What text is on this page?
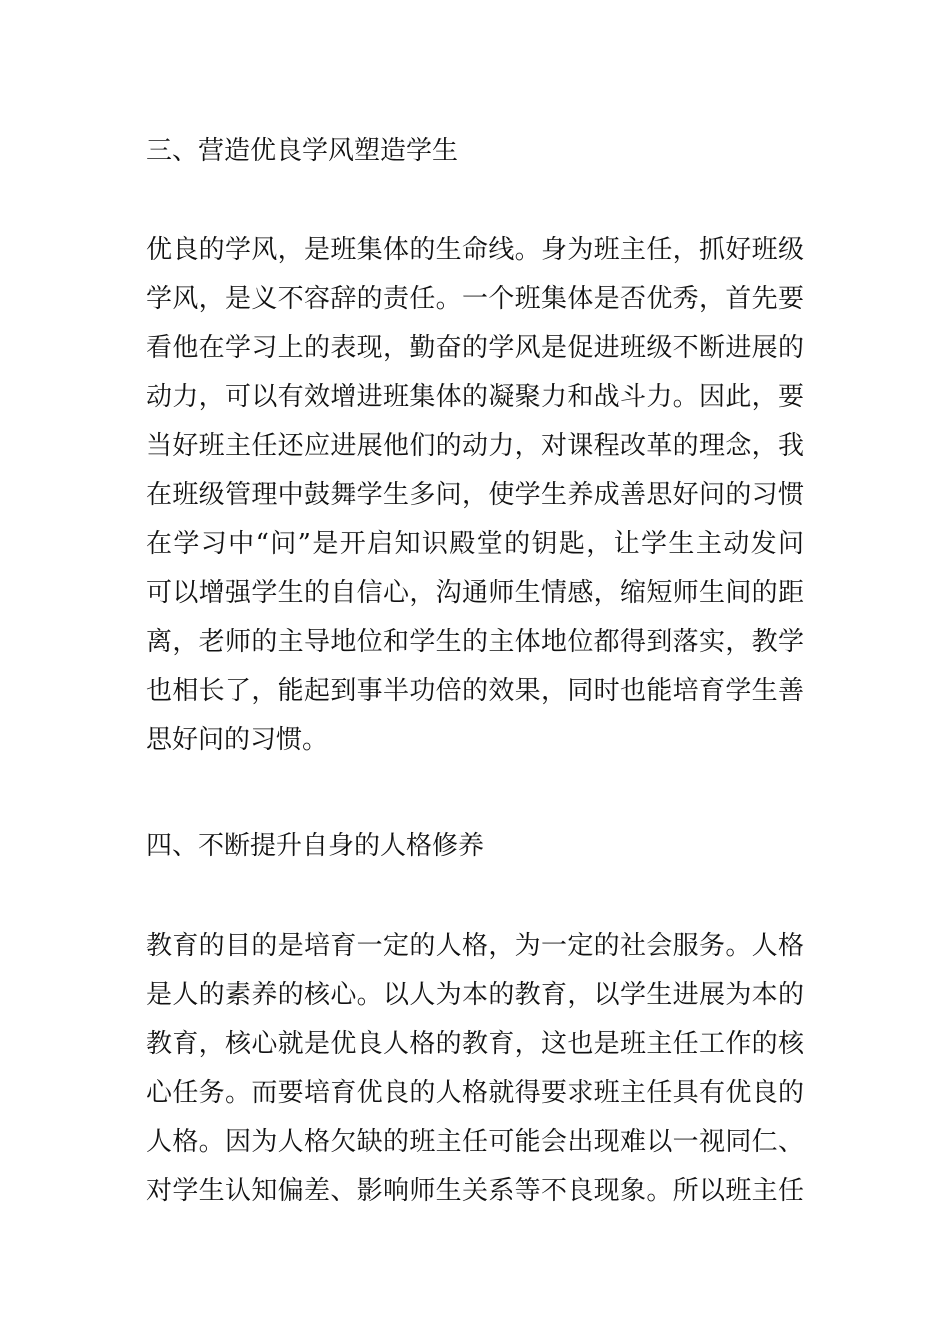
三、营造优良学风塑造学生
优良的学风，是班集体的生命线。身为班主任，抓好班级
学风，是义不容辞的责任。一个班集体是否优秀，首先要
看他在学习上的表现，勤奋的学风是促进班级不断进展的
动力，可以有效增进班集体的凝聚力和战斗力。因此，要
当好班主任还应进展他们的动力，对课程改革的理念，我
在班级管理中鼓舞学生多问，使学生养成善思好问的习惯
在学习中“问”是开启知识殿堂的钥匙，让学生主动发问
可以增强学生的自信心，沟通师生情感，缩短师生间的距
离，老师的主导地位和学生的主体地位都得到落实，教学
也相长了，能起到事半功倍的效果，同时也能培育学生善
思好问的习惯。
四、不断提升自身的人格修养
教育的目的是培育一定的人格，为一定的社会服务。人格
是人的素养的核心。以人为本的教育，以学生进展为本的
教育，核心就是优良人格的教育，这也是班主任工作的核
心任务。而要培育优良的人格就得要求班主任具有优良的
人格。因为人格欠缺的班主任可能会出现难以一视同仁、
对学生认知偏差、影响师生关系等不良现象。所以班主任
